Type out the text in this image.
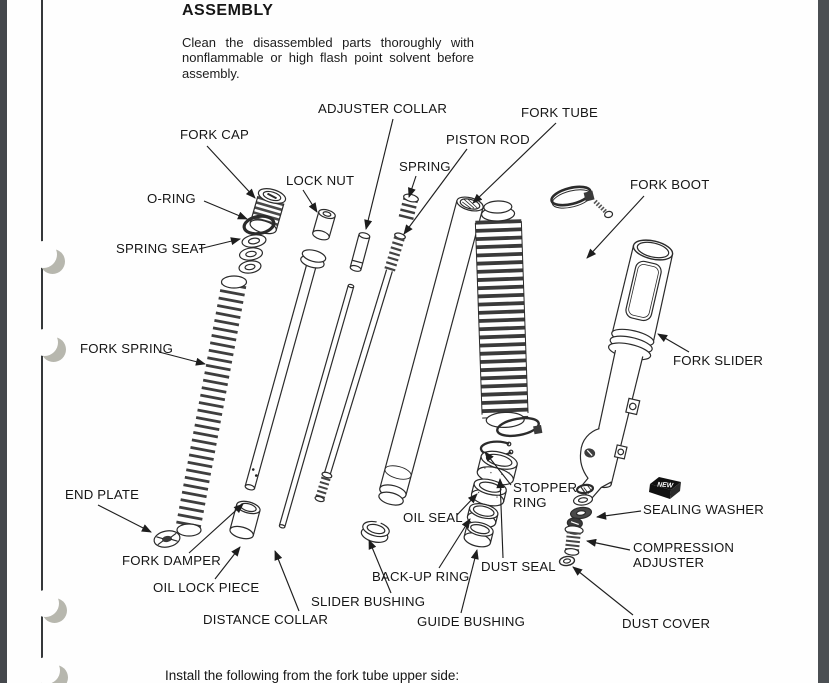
ASSEMBLY

Clean the disassembled parts thoroughly with nonflammable or high flash point solvent before assembly.

NEW
ADJUSTER COLLAR	FORK TUBE
FORK CAP	PISTON ROD
SPRING
LOCK NUT	FORK BOOT
O-RING
SPRING SEAT
FORK SPRING
FORK SLIDER
END PLATE	STOPPER RING
OIL SEAL
SEALING WASHER
FORK DAMPER
COMPRESSION ADJUSTER
OIL LOCK PIECE
BACK-UP RING
DUST SEAL
SLIDER BUSHING
DUST COVER
DISTANCE COLLAR	GUIDE BUSHING
Install the following from the fork tube upper side:
